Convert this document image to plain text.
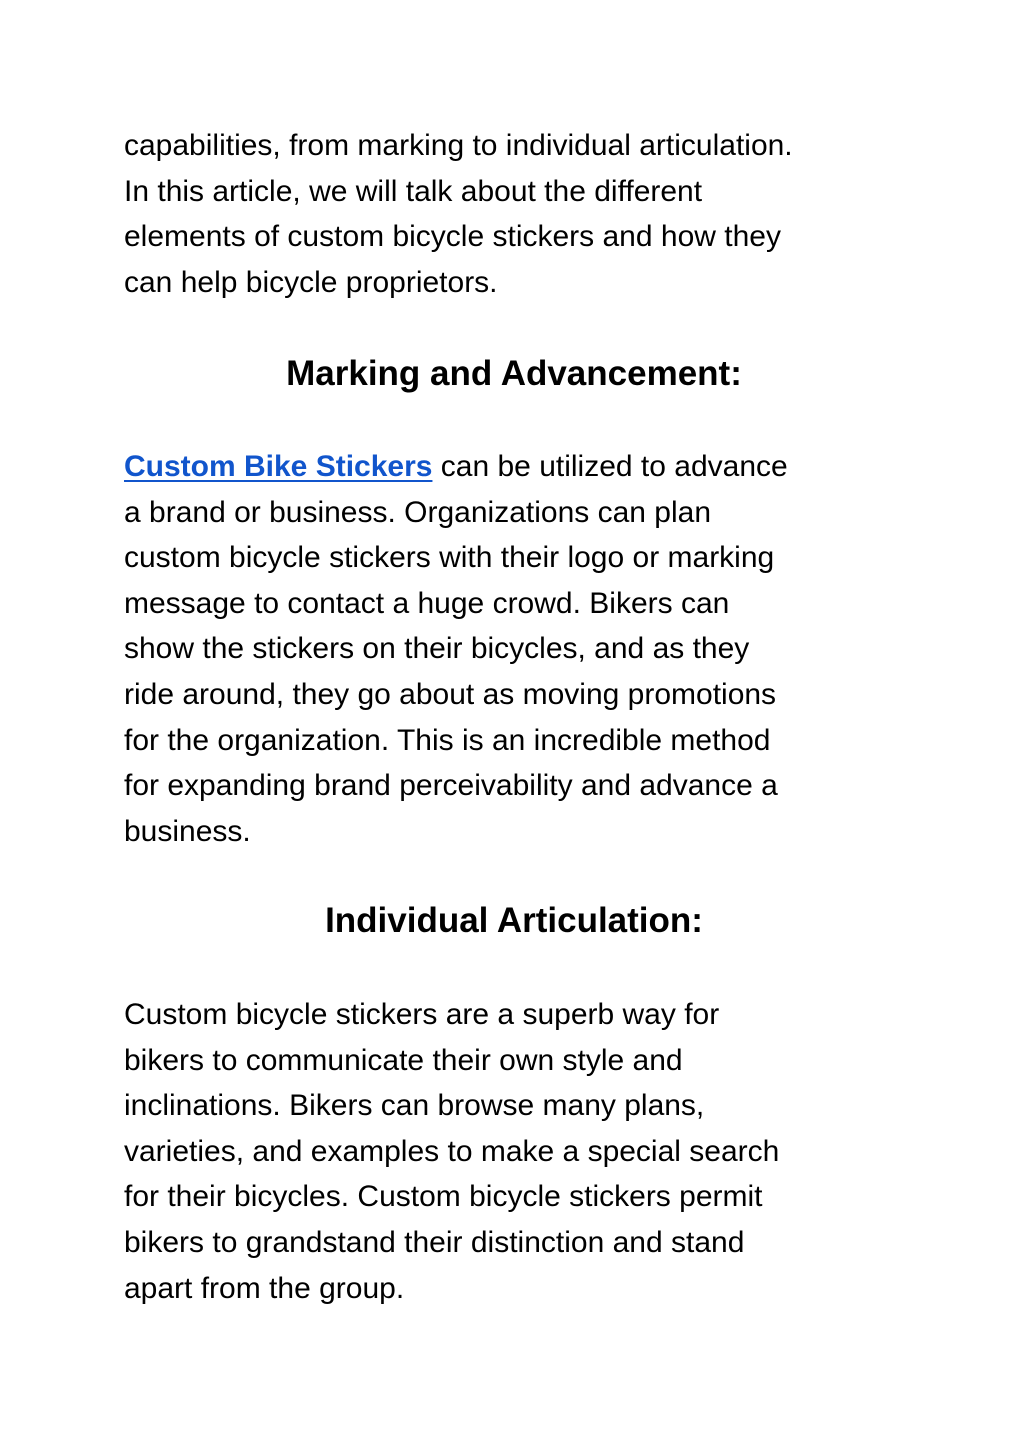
capabilities, from marking to individual articulation.
In this article, we will talk about the different
elements of custom bicycle stickers and how they
can help bicycle proprietors.

Marking and Advancement:

Custom Bike Stickers can be utilized to advance
a brand or business. Organizations can plan
custom bicycle stickers with their logo or marking
message to contact a huge crowd. Bikers can
show the stickers on their bicycles, and as they
ride around, they go about as moving promotions
for the organization. This is an incredible method
for expanding brand perceivability and advance a
business.

Individual Articulation:

Custom bicycle stickers are a superb way for
bikers to communicate their own style and
inclinations. Bikers can browse many plans,
varieties, and examples to make a special search
for their bicycles. Custom bicycle stickers permit
bikers to grandstand their distinction and stand
apart from the group.
